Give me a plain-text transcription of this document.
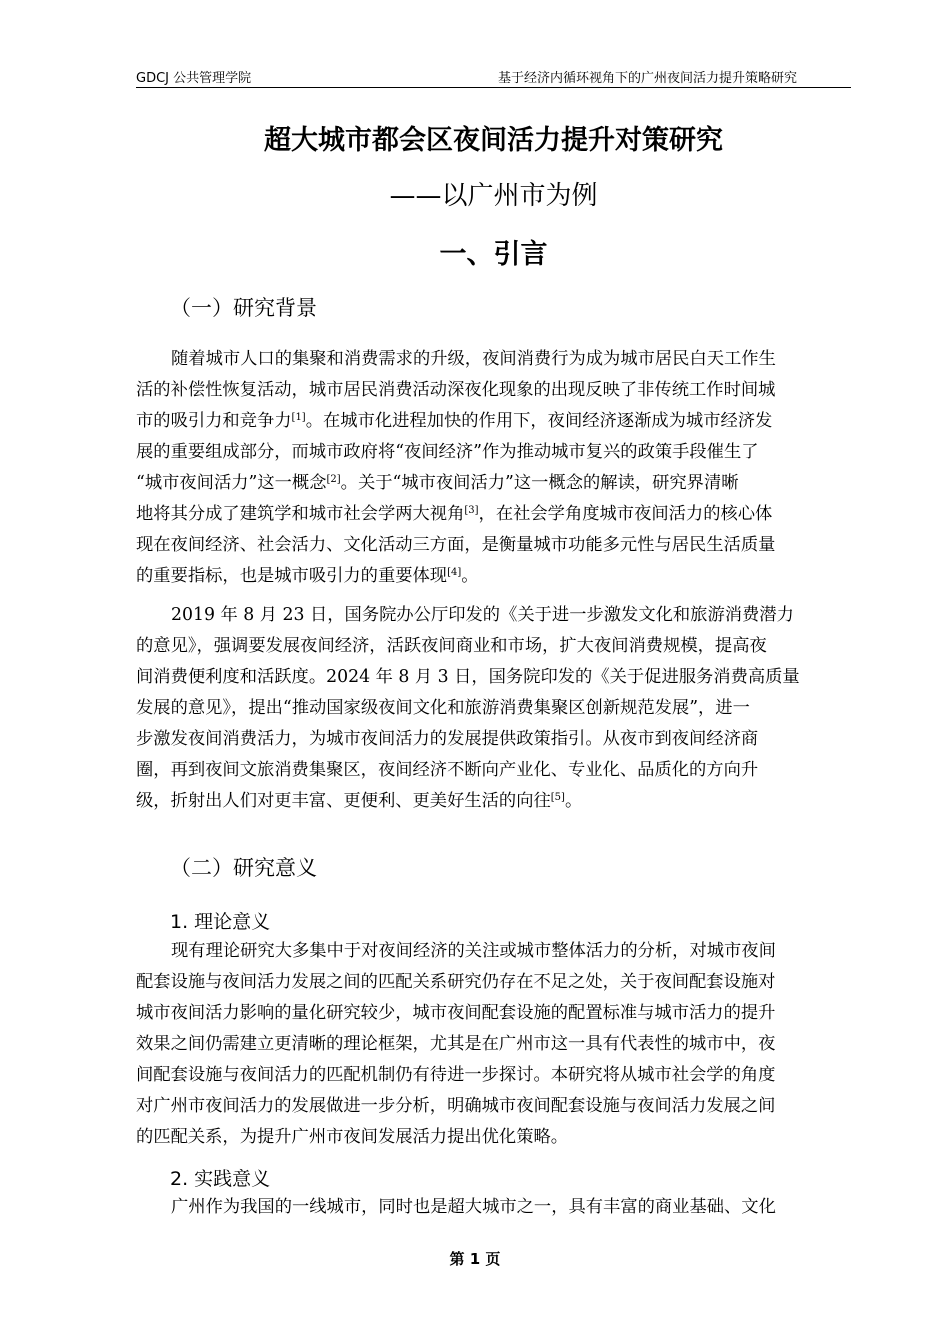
GDCJ 公共管理学院	基于经济内循环视角下的广州夜间活力提升策略研究
超大城市都会区夜间活力提升对策研究
——以广州市为例
一、引言
（一）研究背景
随着城市人口的集聚和消费需求的升级，夜间消费行为成为城市居民白天工作生
活的补偿性恢复活动，城市居民消费活动深夜化现象的出现反映了非传统工作时间城
市的吸引力和竞争力[1]。在城市化进程加快的作用下，夜间经济逐渐成为城市经济发
展的重要组成部分，而城市政府将“夜间经济”作为推动城市复兴的政策手段催生了
“城市夜间活力”这一概念[2]。关于“城市夜间活力”这一概念的解读，研究界清晰
地将其分成了建筑学和城市社会学两大视角[3]，在社会学角度城市夜间活力的核心体
现在夜间经济、社会活力、文化活动三方面，是衡量城市功能多元性与居民生活质量
的重要指标，也是城市吸引力的重要体现[4]。
2019 年 8 月 23 日，国务院办公厅印发的《关于进一步激发文化和旅游消费潜力
的意见》，强调要发展夜间经济，活跃夜间商业和市场，扩大夜间消费规模，提高夜
间消费便利度和活跃度。2024 年 8 月 3 日，国务院印发的《关于促进服务消费高质量
发展的意见》，提出“推动国家级夜间文化和旅游消费集聚区创新规范发展”，进一
步激发夜间消费活力，为城市夜间活力的发展提供政策指引。从夜市到夜间经济商
圈，再到夜间文旅消费集聚区，夜间经济不断向产业化、专业化、品质化的方向升
级，折射出人们对更丰富、更便利、更美好生活的向往[5]。
（二）研究意义
1. 理论意义
现有理论研究大多集中于对夜间经济的关注或城市整体活力的分析，对城市夜间
配套设施与夜间活力发展之间的匹配关系研究仍存在不足之处，关于夜间配套设施对
城市夜间活力影响的量化研究较少，城市夜间配套设施的配置标准与城市活力的提升
效果之间仍需建立更清晰的理论框架，尤其是在广州市这一具有代表性的城市中，夜
间配套设施与夜间活力的匹配机制仍有待进一步探讨。本研究将从城市社会学的角度
对广州市夜间活力的发展做进一步分析，明确城市夜间配套设施与夜间活力发展之间
的匹配关系，为提升广州市夜间发展活力提出优化策略。
2. 实践意义
广州作为我国的一线城市，同时也是超大城市之一，具有丰富的商业基础、文化
第 1 页
